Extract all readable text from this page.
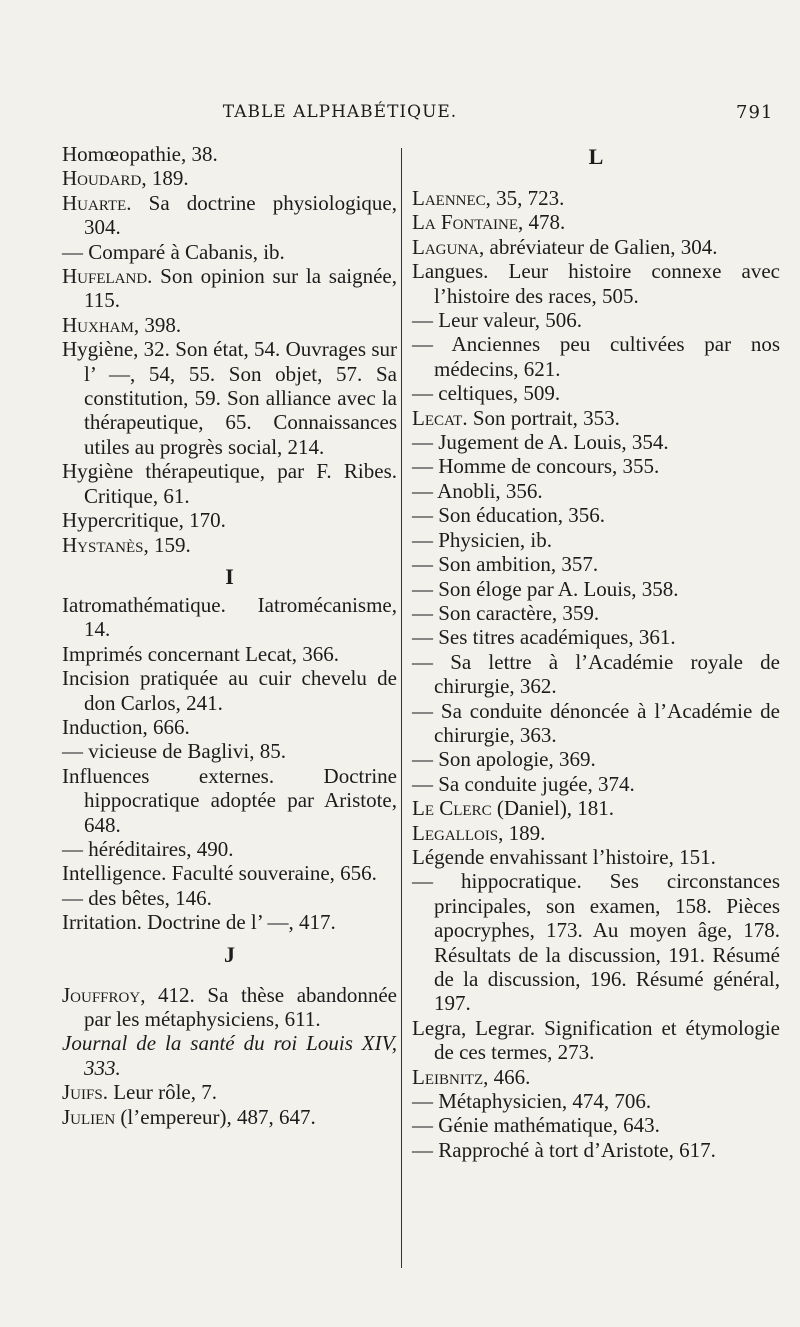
TABLE ALPHABÉTIQUE.	791

Homœopathie, 38.

Houdard, 189.

Huarte. Sa doctrine physiologique, 304.

— Comparé à Cabanis, ib.

Hufeland. Son opinion sur la saignée, 115.

Huxham, 398.

Hygiène, 32. Son état, 54. Ouvrages sur l’ —, 54, 55. Son objet, 57. Sa constitution, 59. Son alliance avec la thérapeutique, 65. Connaissances utiles au progrès social, 214.

Hygiène thérapeutique, par F. Ribes. Critique, 61.

Hypercritique, 170.

Hystanès, 159.

I

Iatromathématique. Iatromécanisme, 14.

Imprimés concernant Lecat, 366.

Incision pratiquée au cuir chevelu de don Carlos, 241.

Induction, 666.

— vicieuse de Baglivi, 85.

Influences externes. Doctrine hippocratique adoptée par Aristote, 648.

— héréditaires, 490.

Intelligence. Faculté souveraine, 656.

— des bêtes, 146.

Irritation. Doctrine de l’ —, 417.

J

Jouffroy, 412. Sa thèse abandonnée par les métaphysiciens, 611.

Journal de la santé du roi Louis XIV, 333.

Juifs. Leur rôle, 7.

Julien (l’empereur), 487, 647.

L

Laennec, 35, 723.

La Fontaine, 478.

Laguna, abréviateur de Galien, 304.

Langues. Leur histoire connexe avec l’histoire des races, 505.

— Leur valeur, 506.

— Anciennes peu cultivées par nos médecins, 621.

— celtiques, 509.

Lecat. Son portrait, 353.

— Jugement de A. Louis, 354.

— Homme de concours, 355.

— Anobli, 356.

— Son éducation, 356.

— Physicien, ib.

— Son ambition, 357.

— Son éloge par A. Louis, 358.

— Son caractère, 359.

— Ses titres académiques, 361.

— Sa lettre à l’Académie royale de chirurgie, 362.

— Sa conduite dénoncée à l’Académie de chirurgie, 363.

— Son apologie, 369.

— Sa conduite jugée, 374.

Le Clerc (Daniel), 181.

Legallois, 189.

Légende envahissant l’histoire, 151.

— hippocratique. Ses circonstances principales, son examen, 158. Pièces apocryphes, 173. Au moyen âge, 178. Résultats de la discussion, 191. Résumé de la discussion, 196. Résumé général, 197.

Legra, Legrar. Signification et étymologie de ces termes, 273.

Leibnitz, 466.

— Métaphysicien, 474, 706.

— Génie mathématique, 643.

— Rapproché à tort d’Aristote, 617.
